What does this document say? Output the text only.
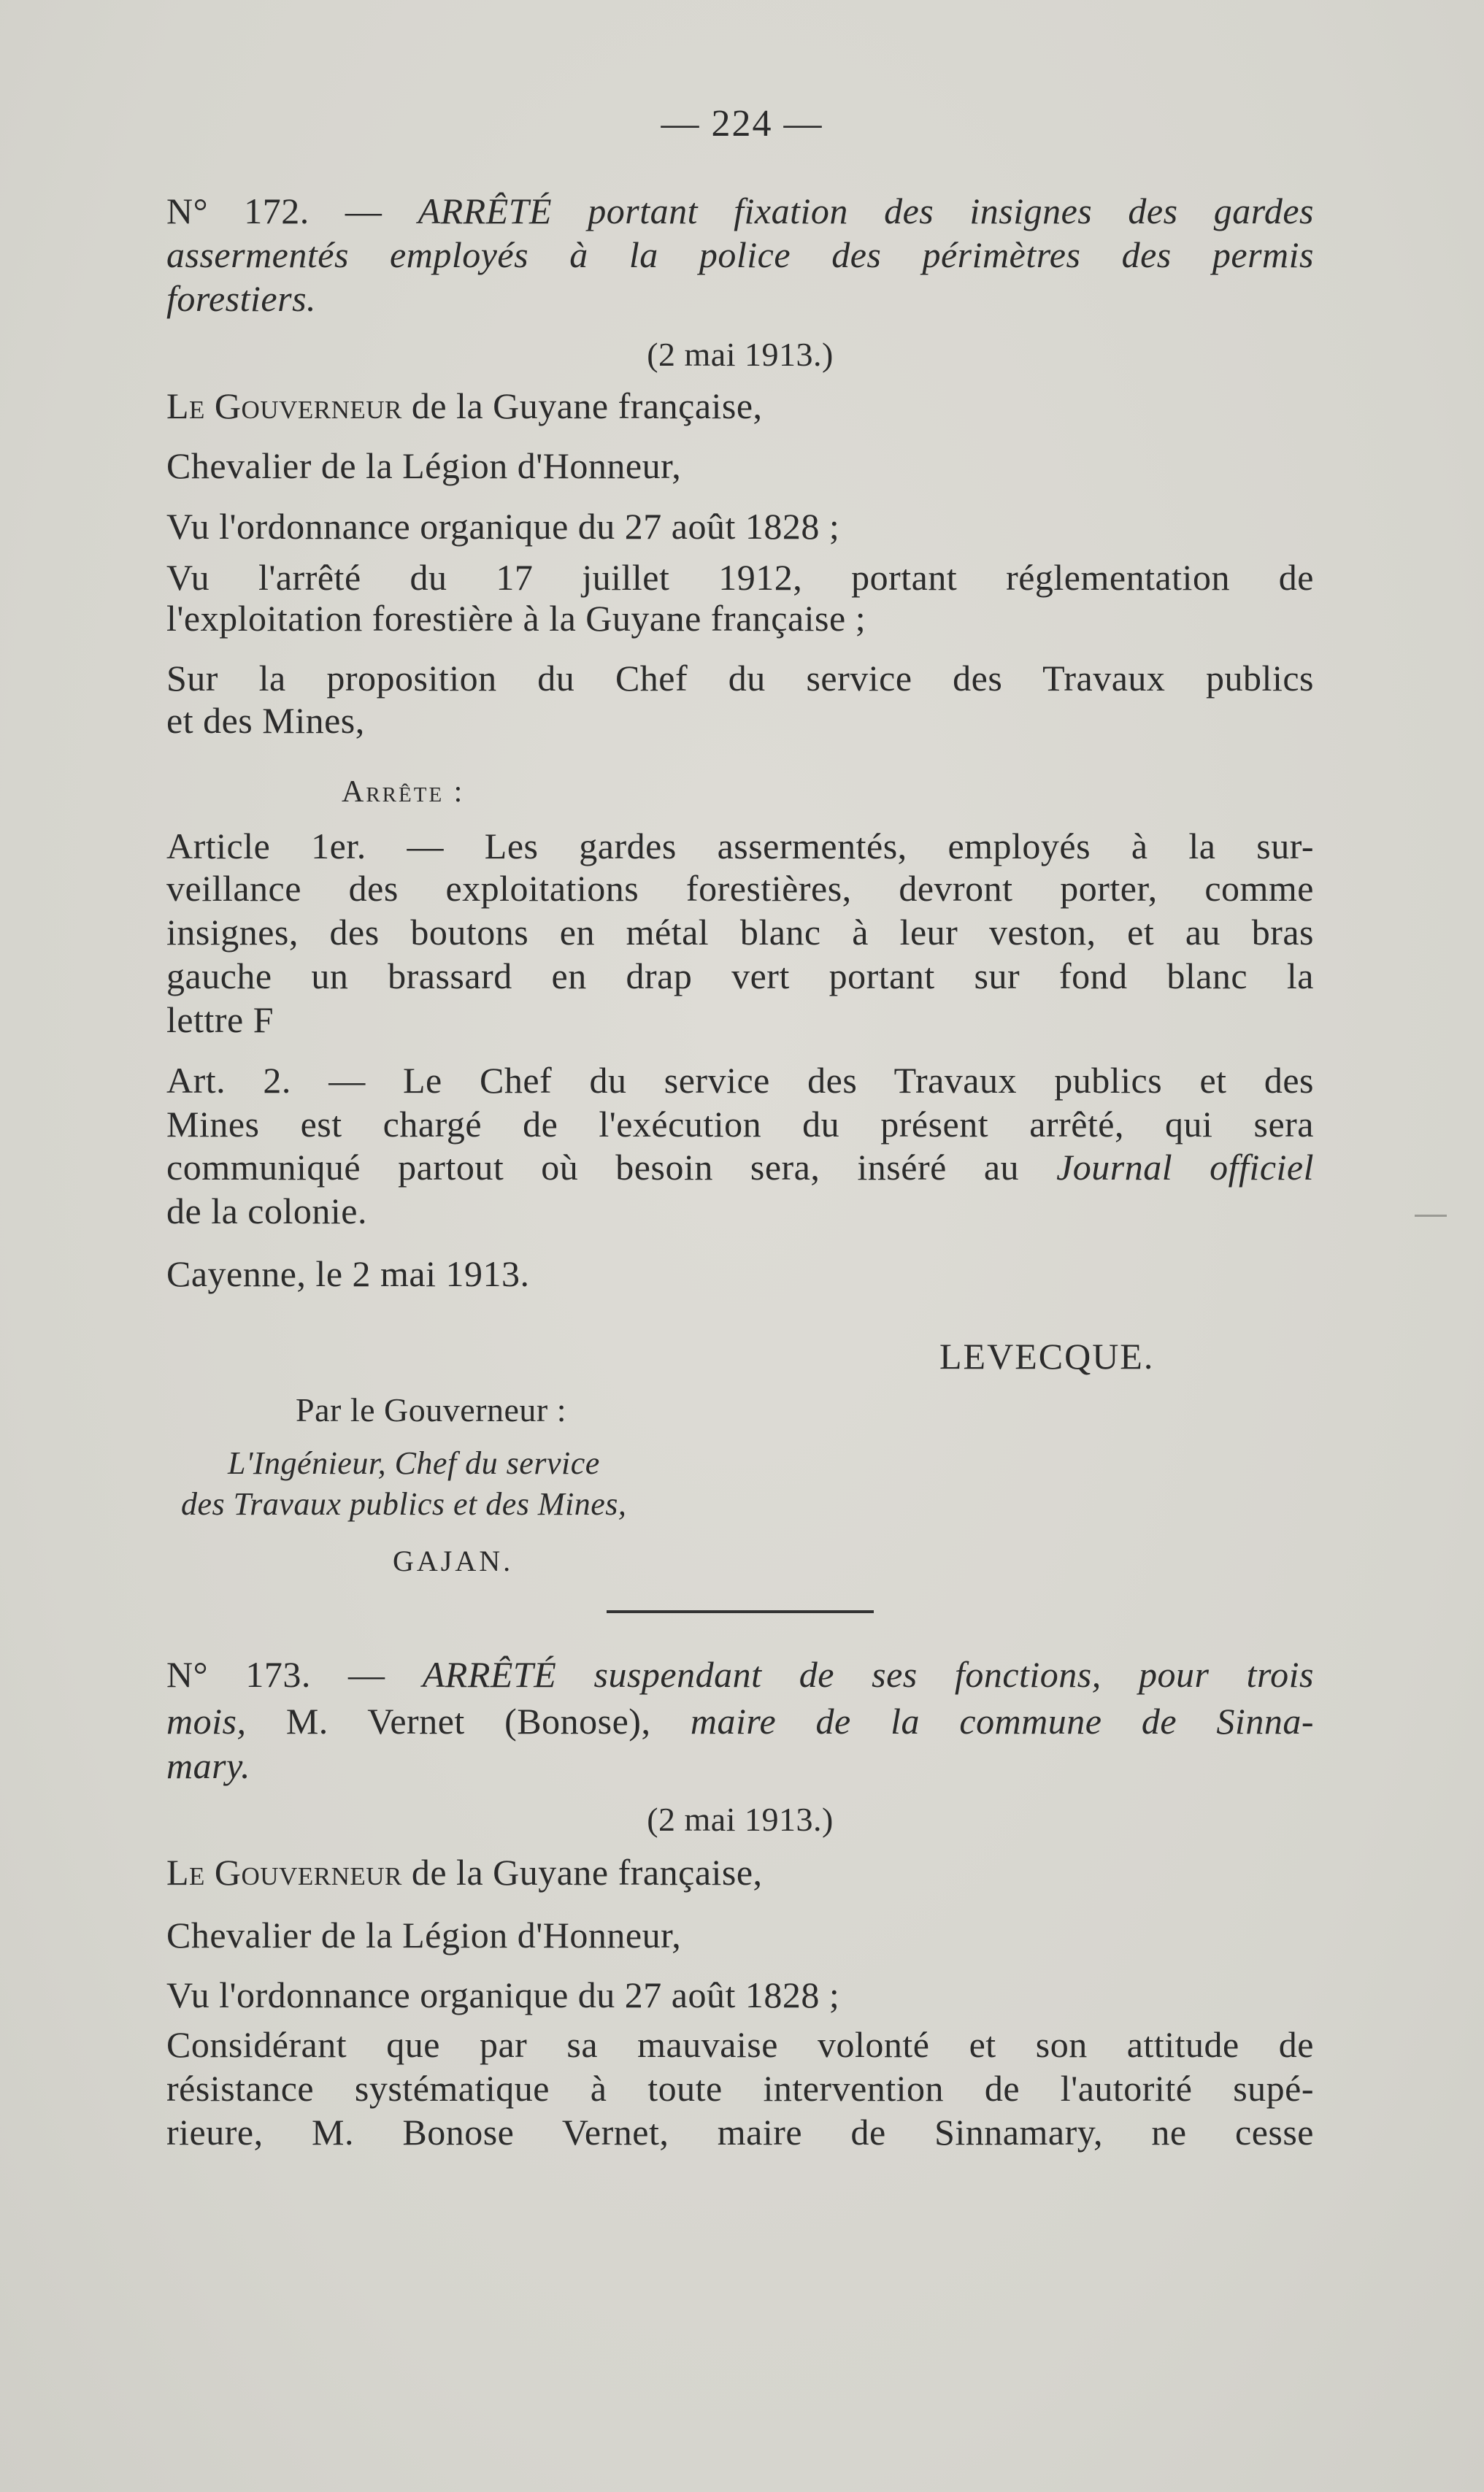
— 224 —
N° 172. — ARRÊTÉ portant fixation des insignes des gardes
assermentés employés à la police des périmètres des permis
forestiers.
(2 mai 1913.)
Le Gouverneur de la Guyane française,
Chevalier de la Légion d'Honneur,
Vu l'ordonnance organique du 27 août 1828 ;
Vu l'arrêté du 17 juillet 1912, portant réglementation de
l'exploitation forestière à la Guyane française ;
Sur la proposition du Chef du service des Travaux publics
et des Mines,
Arrête :
Article 1er. — Les gardes assermentés, employés à la sur-
veillance des exploitations forestières, devront porter, comme
insignes, des boutons en métal blanc à leur veston, et au bras
gauche un brassard en drap vert portant sur fond blanc la
lettre F
Art. 2. — Le Chef du service des Travaux publics et des
Mines est chargé de l'exécution du présent arrêté, qui sera
communiqué partout où besoin sera, inséré au Journal officiel
de la colonie.
Cayenne, le 2 mai 1913.
LEVECQUE.
Par le Gouverneur :
L'Ingénieur, Chef du service
des Travaux publics et des Mines,
GAJAN.
N° 173. — ARRÊTÉ suspendant de ses fonctions, pour trois
mois, M. Vernet (Bonose), maire de la commune de Sinna-
mary.
(2 mai 1913.)
Le Gouverneur de la Guyane française,
Chevalier de la Légion d'Honneur,
Vu l'ordonnance organique du 27 août 1828 ;
Considérant que par sa mauvaise volonté et son attitude de
résistance systématique à toute intervention de l'autorité supé-
rieure, M. Bonose Vernet, maire de Sinnamary, ne cesse
